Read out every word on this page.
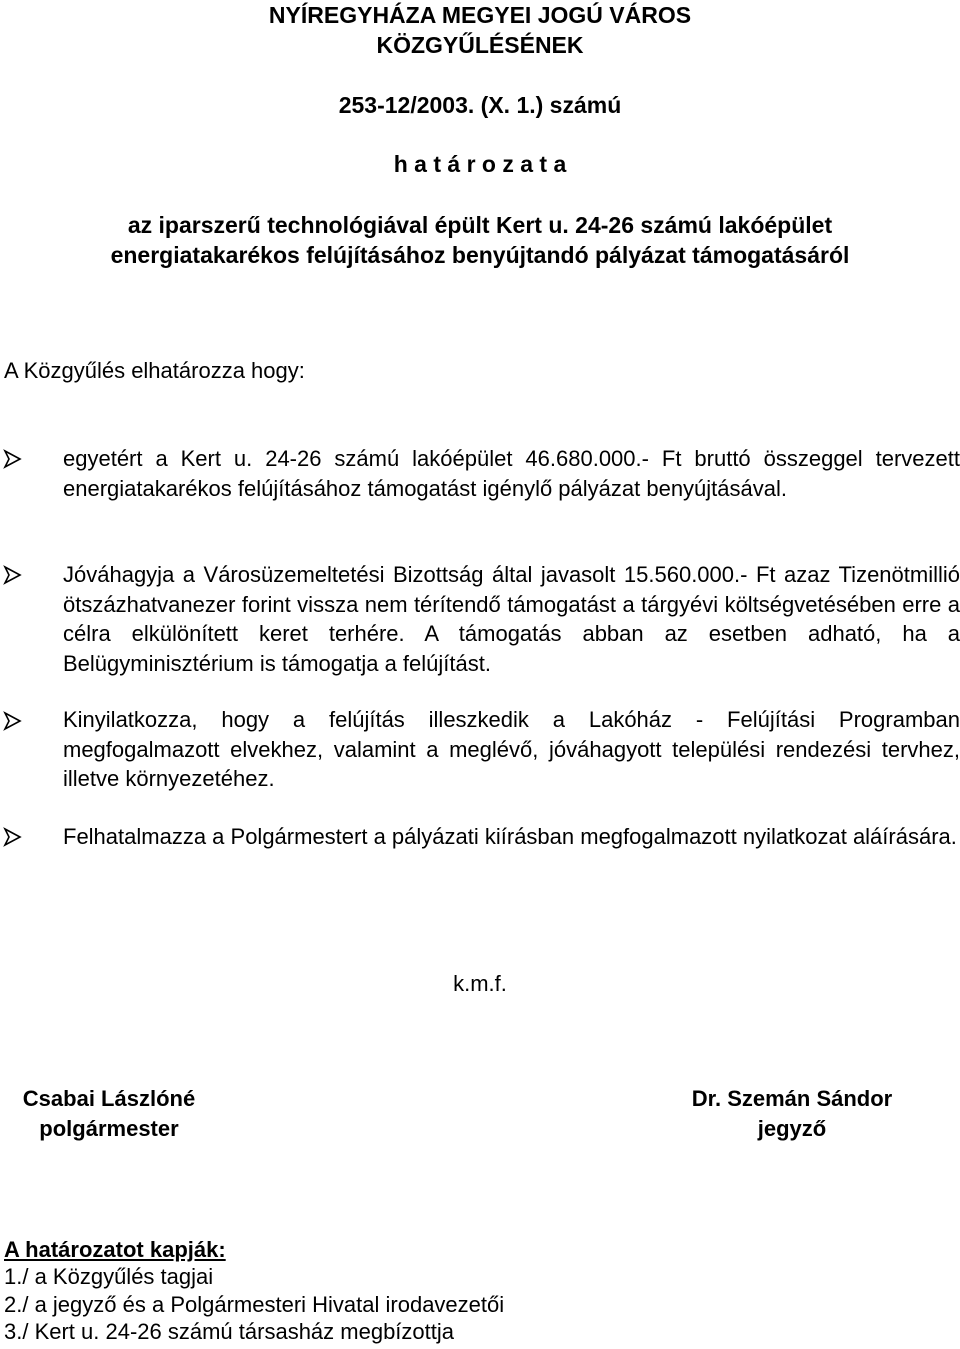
NYÍREGYHÁZA MEGYEI JOGÚ VÁROS
KÖZGYŰLÉSÉNEK
253-12/2003. (X. 1.) számú
h a t á r o z a t a
az iparszerű technológiával épült Kert u. 24-26 számú lakóépület
energiatakarékos felújításához benyújtandó pályázat támogatásáról
A Közgyűlés elhatározza hogy:
egyetért a Kert u. 24-26 számú lakóépület 46.680.000.- Ft bruttó összeggel tervezett energiatakarékos felújításához támogatást igénylő pályázat benyújtásával.
Jóváhagyja a Városüzemeltetési Bizottság által javasolt 15.560.000.- Ft azaz Tizenötmillió ötszázhatvanezer forint vissza nem térítendő támogatást a tárgyévi költségvetésében erre a célra elkülönített keret terhére. A támogatás abban az esetben adható, ha a Belügyminisztérium is támogatja a felújítást.
Kinyilatkozza, hogy a felújítás illeszkedik a Lakóház - Felújítási Programban megfogalmazott elvekhez, valamint a meglévő, jóváhagyott települési rendezési tervhez, illetve környezetéhez.
Felhatalmazza a Polgármestert a pályázati kiírásban megfogalmazott nyilatkozat aláírására.
k.m.f.
Csabai Lászlóné
polgármester
Dr. Szemán Sándor
jegyző
A határozatot kapják:
1./ a Közgyűlés tagjai
2./ a jegyző és a Polgármesteri Hivatal irodavezetői
3./ Kert u. 24-26 számú társasház megbízottja
